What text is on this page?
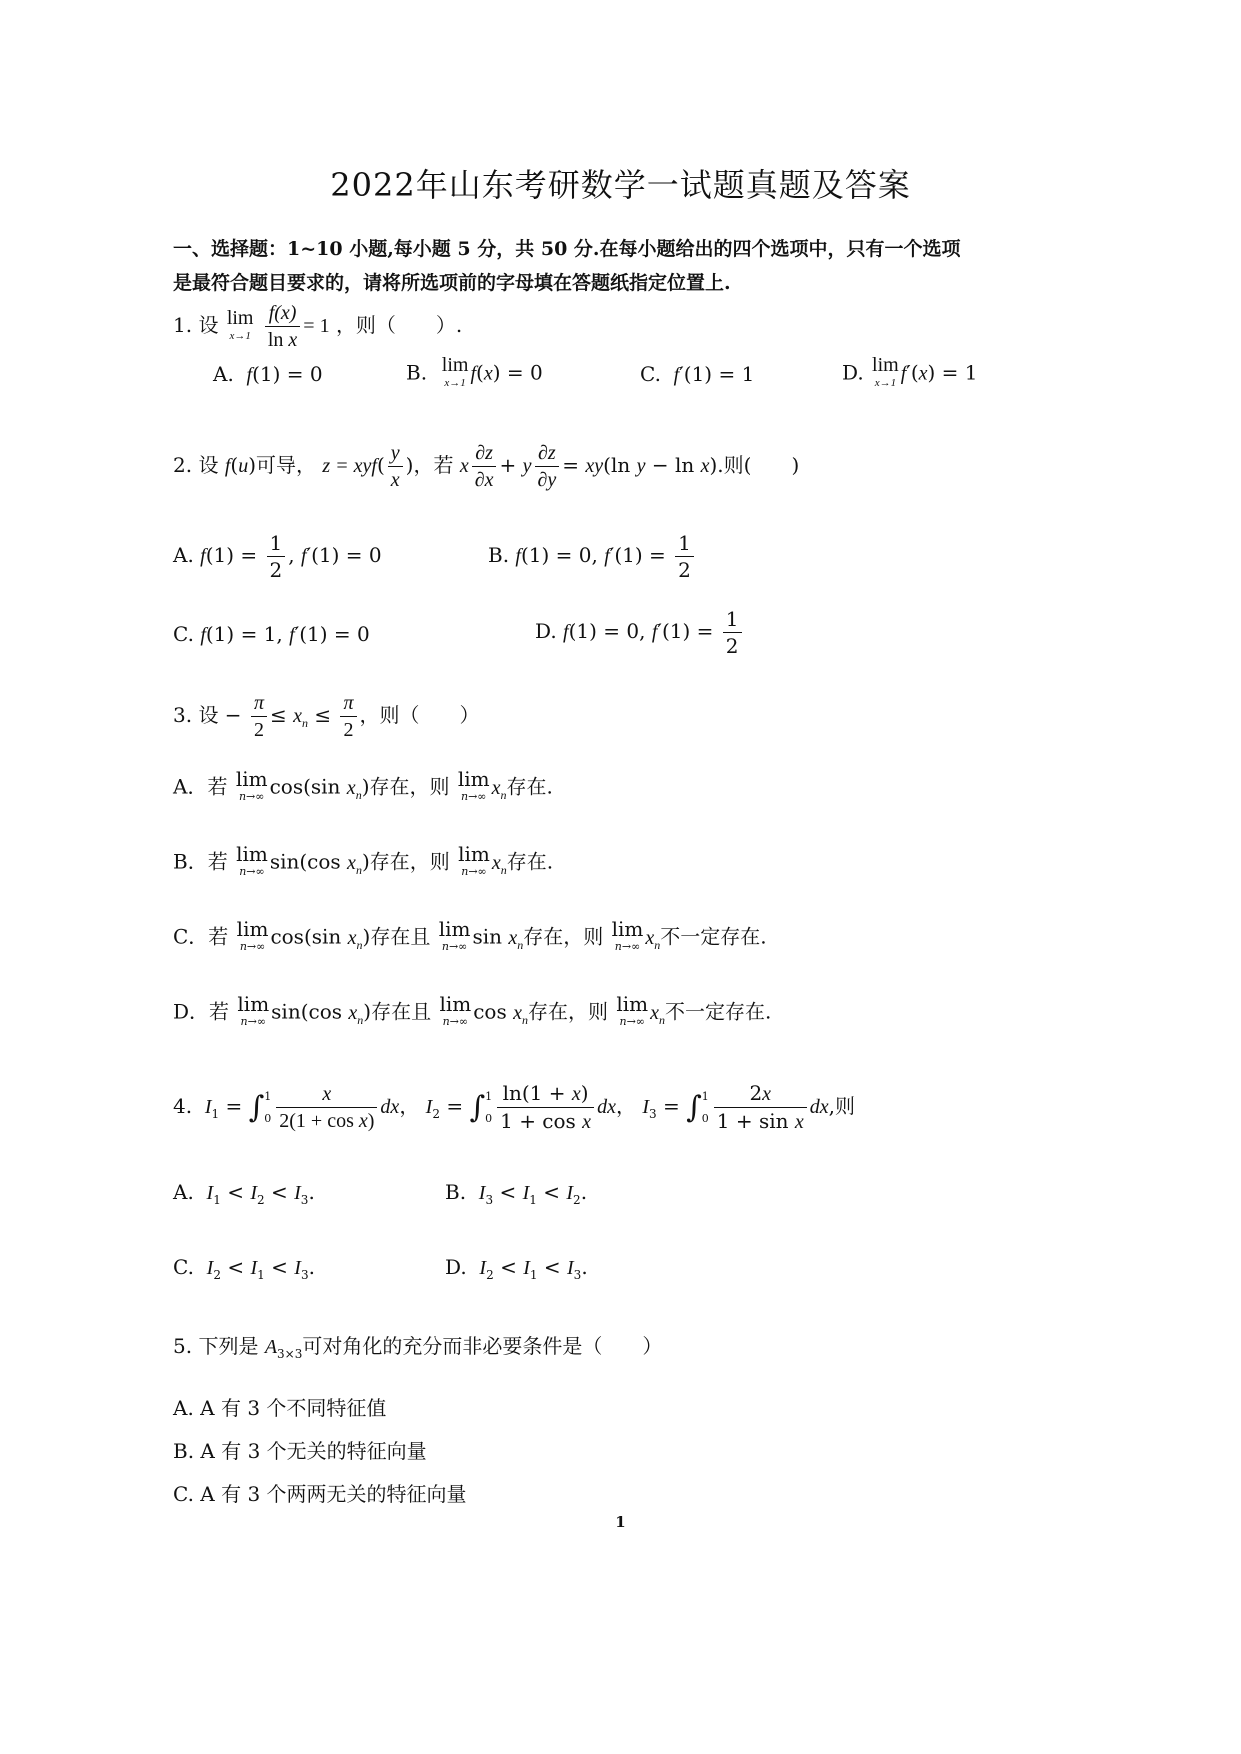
2022年山东考研数学一试题真题及答案
一、选择题：1~10 小题,每小题 5 分，共 50 分.在每小题给出的四个选项中，只有一个选项
是最符合题目要求的，请将所选项前的字母填在答题纸指定位置上.
1. 设 lim
x→1
$\frac{f(x)}{\text{ln x}} = 1$ ，则（　　）.
A. f(1) = 0	B. lim
x→1 f(x) = 0	C. f′(1) = 1	D. lim
x→1 f′(x) = 1
2. 设 f(u)可导， $z = xyf( \frac{y}{x}$ )，若 x $\frac{\partial z}{\partial x} + y \frac{\partial z}{\partial y} = xy(\ln$ y − ln x).则(　　)
A. $f(1) = \frac{1}{2}$ , f′(1) = 0	B. f(1) = 0, $f'(1) = \frac{1}{2}$
C. f(1) = 1, f′(1) = 0	D. f(1) = 0, $f'(1) = \frac{1}{2}$
3. 设 − $\frac{\pi}{2} \le x_n \le \frac{\pi}{2}$ ，则（　　）
A．若 lim
n→∞ cos(sin $x_n$)存在，则 lim
n→∞ $x_n$存在.
B．若 lim
n→∞ sin(cos $x_n$)存在，则 lim
n→∞ $x_n$存在.
C．若 lim
n→∞ cos(sin $x_n$)存在且 lim
n→∞ $\sin x_n$存在，则 lim
n→∞ $x_n$不一定存在.
D．若 lim
n→∞ sin(cos $x_n$)存在且 lim
n→∞ $\cos x_n$存在，则 lim
n→∞ $x_n$不一定存在.
4. $I_1 = \int 1$
$0 \frac{x}{\text{2(1 + cos x)}}$ dx， $I_2 = \int 1$
$0 \frac{\ln(1 + x)}{\text{1 + cos x}}$ dx， $I_3 = \int 1$
$0 \frac{2x}{\text{1 + sin x}}$ dx,则
A. $I_1 < I_2 < I_3$.	B. $I_3 < I_1 < I_2$.
C. $I_2 < I_1 < I_3$.	D. $I_2 < I_1 < I_3$.
5. 下列是 $A_{3\times 3}$可对角化的充分而非必要条件是（　　）
A. A 有 3 个不同特征值
B. A 有 3 个无关的特征向量
C. A 有 3 个两两无关的特征向量
1
